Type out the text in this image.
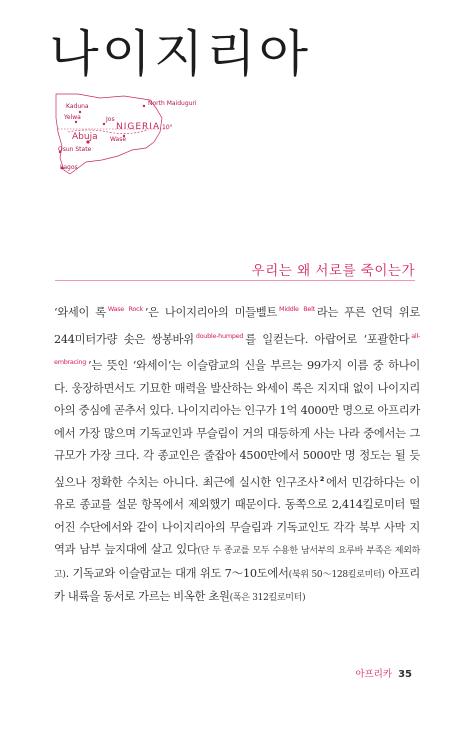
나이지리아
North Maiduguri
Kaduna
Yelwa	Jos
Abuja
NIGERIA 10°
Wase
Osun State
Lagos
우리는 왜 서로를 죽이는가
‘와세이 록 $^{Wase Rock}$ ’은 나이지리아의 미들벨트 $^{Middle Belt}$ 라는 푸른 언덕 위로 244미터가량 솟은 쌍봉바위 $^{double-humped}$ 를 일컫는다. 아랍어로 ‘포괄한다 $^{all-embracing}$ ’는 뜻인 ‘와세이’는 이슬람교의 신을 부르는 99가지 이름 중 하나이다. 웅장하면서도 기묘한 매력을 발산하는 와세이 록은 지지대 없이 나이지리아의 중심에 곧추서 있다. 나이지리아는 인구가 1억 4000만 명으로 아프리카에서 가장 많으며 기독교인과 무슬림이 거의 대등하게 사는 나라 중에서는 그 규모가 가장 크다. 각 종교인은 줄잡아 4500만에서 5000만 명 정도는 될 듯싶으나 정확한 수치는 아니다. 최근에 실시한 인구조사 $^2$ 에서 민감하다는 이유로 종교를 설문 항목에서 제외했기 때문이다. 동쪽으로 2,414킬로미터 떨어진 수단에서와 같이 나이지리아의 무슬림과 기독교인도 각각 북부 사막 지역과 남부 늪지대에 살고 있다(단 두 종교를 모두 수용한 남서부의 요루바 부족은 제외하고). 기독교와 이슬람교는 대개 위도 7～10도에서(북위 50～128킬로미터) 아프리카 내륙을 동서로 가르는 비옥한 초원(폭은 312킬로미터)
아프리카 35
